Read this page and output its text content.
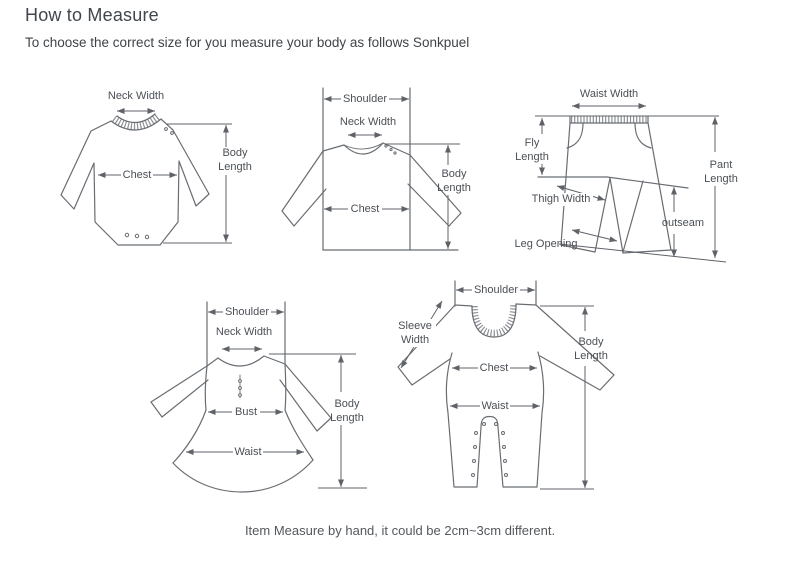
How to Measure

To choose the correct size for you measure your body as follows Sonkpuel

Neck Width
Chest
Body
Length
Shoulder
Neck Width
Chest
Body
Length
Waist Width
Fly
Length
Pant
Length
Thigh Width
outseam
Leg Opening
Shoulder
Neck Width
Bust
Waist
Body
Length
Shoulder
Sleeve
Width
Chest
Waist
Body
Length

Item Measure by hand, it could be 2cm~3cm different.
